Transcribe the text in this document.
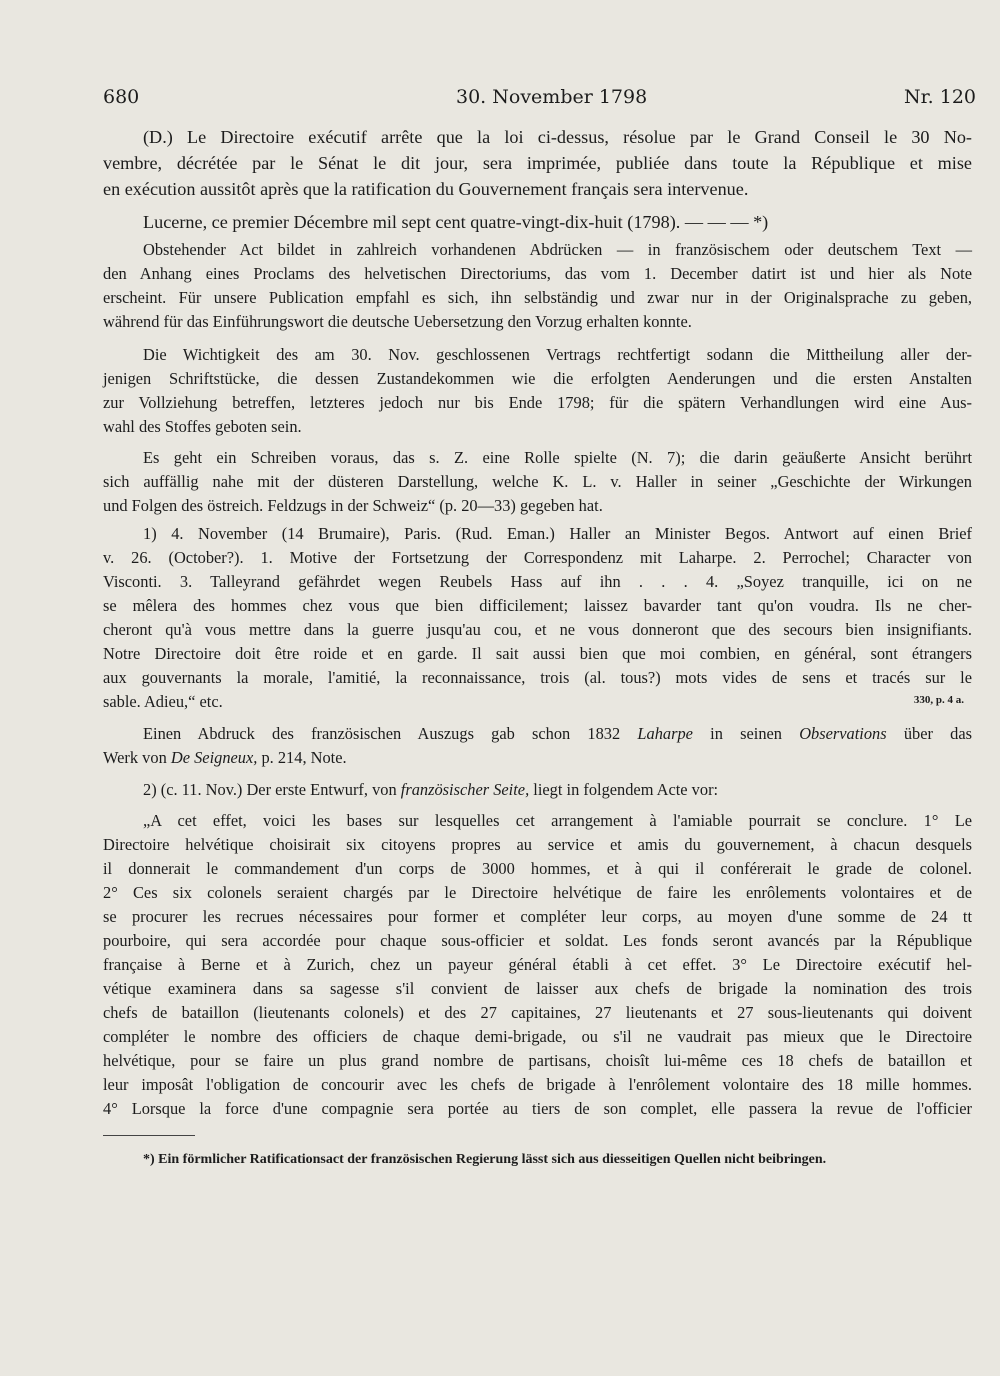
680	30. November 1798	Nr. 120
(D.) Le Directoire exécutif arrête que la loi ci-dessus, résolue par le Grand Conseil le 30 No-
vembre, décrétée par le Sénat le dit jour, sera imprimée, publiée dans toute la République et mise
en exécution aussitôt après que la ratification du Gouvernement français sera intervenue.
Lucerne, ce premier Décembre mil sept cent quatre-vingt-dix-huit (1798). — — — *)
Obstehender Act bildet in zahlreich vorhandenen Abdrücken — in französischem oder deutschem Text —
den Anhang eines Proclams des helvetischen Directoriums, das vom 1. December datirt ist und hier als Note
erscheint. Für unsere Publication empfahl es sich, ihn selbständig und zwar nur in der Originalsprache zu geben,
während für das Einführungswort die deutsche Uebersetzung den Vorzug erhalten konnte.
Die Wichtigkeit des am 30. Nov. geschlossenen Vertrags rechtfertigt sodann die Mittheilung aller der-
jenigen Schriftstücke, die dessen Zustandekommen wie die erfolgten Aenderungen und die ersten Anstalten
zur Vollziehung betreffen, letzteres jedoch nur bis Ende 1798; für die spätern Verhandlungen wird eine Aus-
wahl des Stoffes geboten sein.
Es geht ein Schreiben voraus, das s. Z. eine Rolle spielte (N. 7); die darin geäußerte Ansicht berührt
sich auffällig nahe mit der düsteren Darstellung, welche K. L. v. Haller in seiner „Geschichte der Wirkungen
und Folgen des östreich. Feldzugs in der Schweiz“ (p. 20—33) gegeben hat.
1) 4. November (14 Brumaire), Paris. (Rud. Eman.) Haller an Minister Begos. Antwort auf einen Brief
v. 26. (October?). 1. Motive der Fortsetzung der Correspondenz mit Laharpe. 2. Perrochel; Character von
Visconti. 3. Talleyrand gefährdet wegen Reubels Hass auf ihn . . . 4. „Soyez tranquille, ici on ne
se mêlera des hommes chez vous que bien difficilement; laissez bavarder tant qu'on voudra. Ils ne cher-
cheront qu'à vous mettre dans la guerre jusqu'au cou, et ne vous donneront que des secours bien insignifiants.
Notre Directoire doit être roide et en garde. Il sait aussi bien que moi combien, en général, sont étrangers
aux gouvernants la morale, l'amitié, la reconnaissance, trois (al. tous?) mots vides de sens et tracés sur le
sable. Adieu,“ etc.	330, p. 4 a.
Einen Abdruck des französischen Auszugs gab schon 1832 Laharpe in seinen Observations über das
Werk von De Seigneux, p. 214, Note.
2) (c. 11. Nov.) Der erste Entwurf, von französischer Seite, liegt in folgendem Acte vor:
„A cet effet, voici les bases sur lesquelles cet arrangement à l'amiable pourrait se conclure. 1° Le
Directoire helvétique choisirait six citoyens propres au service et amis du gouvernement, à chacun desquels
il donnerait le commandement d'un corps de 3000 hommes, et à qui il conférerait le grade de colonel.
2° Ces six colonels seraient chargés par le Directoire helvétique de faire les enrôlements volontaires et de
se procurer les recrues nécessaires pour former et compléter leur corps, au moyen d'une somme de 24 tt
pourboire, qui sera accordée pour chaque sous-officier et soldat. Les fonds seront avancés par la République
française à Berne et à Zurich, chez un payeur général établi à cet effet. 3° Le Directoire exécutif hel-
vétique examinera dans sa sagesse s'il convient de laisser aux chefs de brigade la nomination des trois
chefs de bataillon (lieutenants colonels) et des 27 capitaines, 27 lieutenants et 27 sous-lieutenants qui doivent
compléter le nombre des officiers de chaque demi-brigade, ou s'il ne vaudrait pas mieux que le Directoire
helvétique, pour se faire un plus grand nombre de partisans, choisît lui-même ces 18 chefs de bataillon et
leur imposât l'obligation de concourir avec les chefs de brigade à l'enrôlement volontaire des 18 mille hommes.
4° Lorsque la force d'une compagnie sera portée au tiers de son complet, elle passera la revue de l'officier
*) Ein förmlicher Ratificationsact der französischen Regierung lässt sich aus diesseitigen Quellen nicht beibringen.
